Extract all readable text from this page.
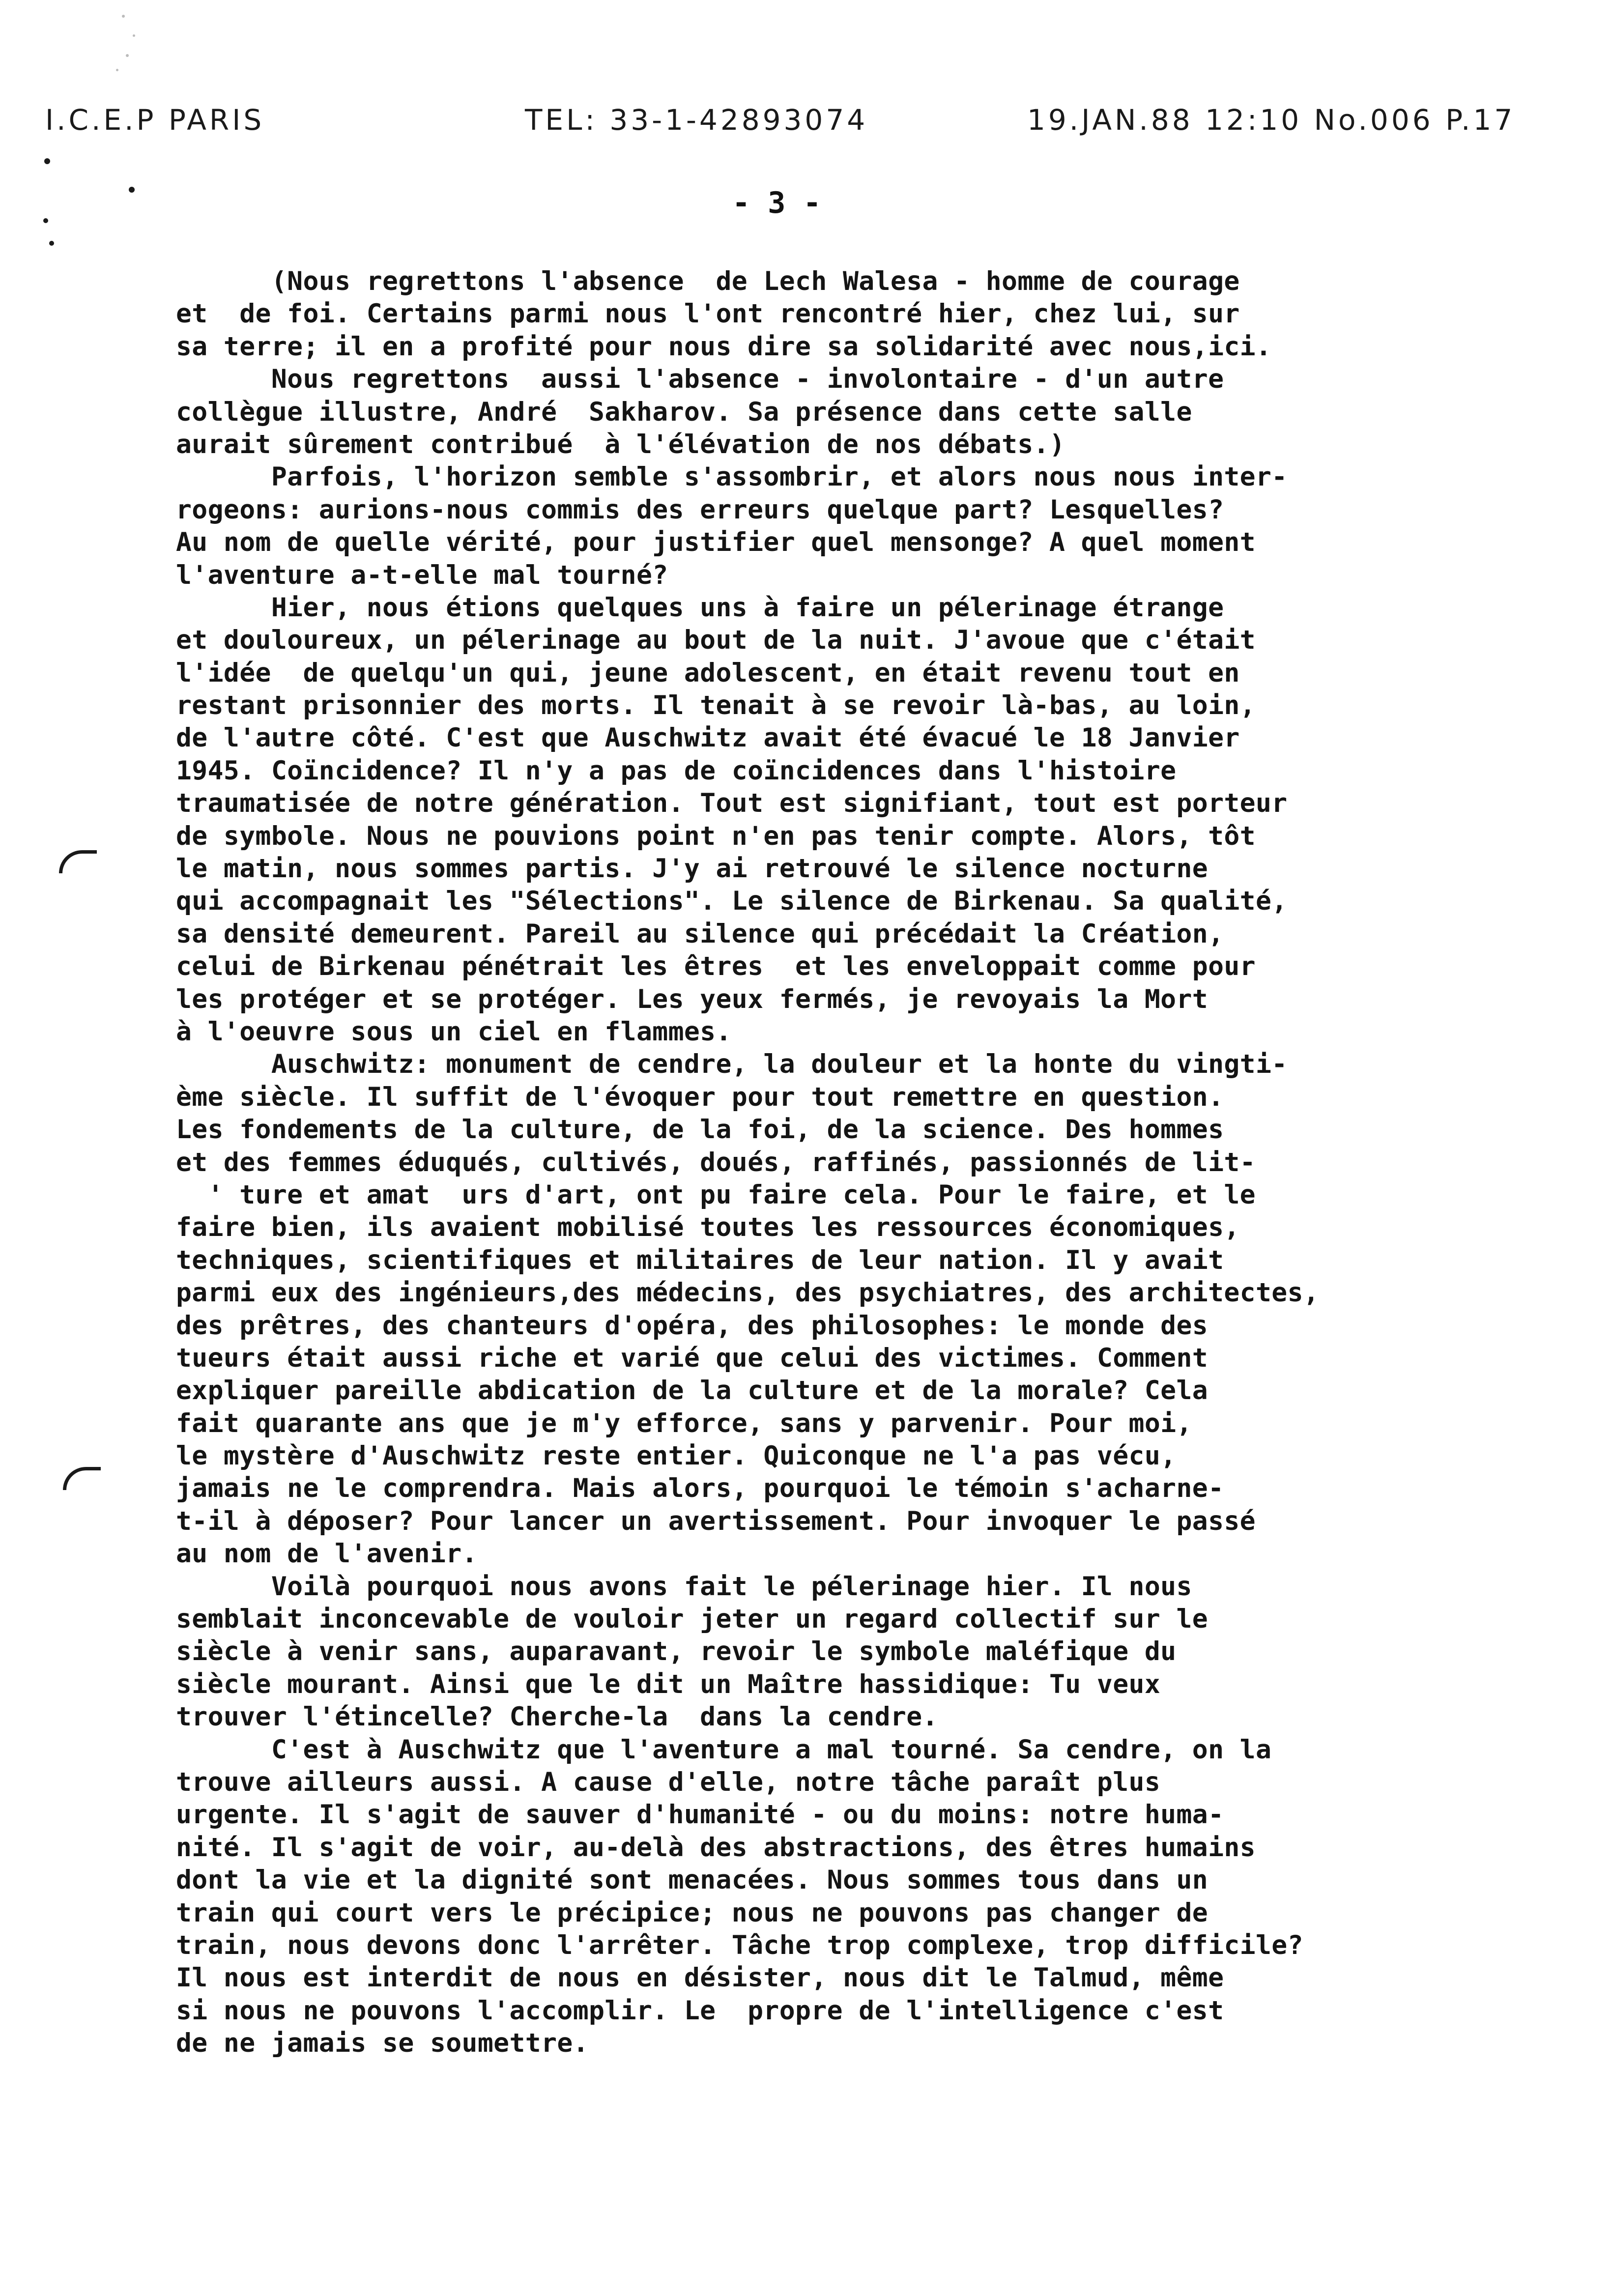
I.C.E.P PARIS	TEL: 33-1-42893074	19.JAN.88 12:10 No.006 P.17
- 3 -
(Nous regrettons l'absence  de Lech Walesa - homme de courage
et  de foi. Certains parmi nous l'ont rencontré hier, chez lui, sur
sa terre; il en a profité pour nous dire sa solidarité avec nous,ici.
Nous regrettons  aussi l'absence - involontaire - d'un autre
collègue illustre, André  Sakharov. Sa présence dans cette salle
aurait sûrement contribué  à l'élévation de nos débats.)
Parfois, l'horizon semble s'assombrir, et alors nous nous inter-
rogeons: aurions-nous commis des erreurs quelque part? Lesquelles?
Au nom de quelle vérité, pour justifier quel mensonge? A quel moment
l'aventure a-t-elle mal tourné?
Hier, nous étions quelques uns à faire un pélerinage étrange
et douloureux, un pélerinage au bout de la nuit. J'avoue que c'était
l'idée  de quelqu'un qui, jeune adolescent, en était revenu tout en
restant prisonnier des morts. Il tenait à se revoir là-bas, au loin,
de l'autre côté. C'est que Auschwitz avait été évacué le 18 Janvier
1945. Coïncidence? Il n'y a pas de coïncidences dans l'histoire
traumatisée de notre génération. Tout est signifiant, tout est porteur
de symbole. Nous ne pouvions point n'en pas tenir compte. Alors, tôt
le matin, nous sommes partis. J'y ai retrouvé le silence nocturne
qui accompagnait les "Sélections". Le silence de Birkenau. Sa qualité,
sa densité demeurent. Pareil au silence qui précédait la Création,
celui de Birkenau pénétrait les êtres  et les enveloppait comme pour
les protéger et se protéger. Les yeux fermés, je revoyais la Mort
à l'oeuvre sous un ciel en flammes.
Auschwitz: monument de cendre, la douleur et la honte du vingti-
ème siècle. Il suffit de l'évoquer pour tout remettre en question.
Les fondements de la culture, de la foi, de la science. Des hommes
et des femmes éduqués, cultivés, doués, raffinés, passionnés de lit-
' ture et amat  urs d'art, ont pu faire cela. Pour le faire, et le
faire bien, ils avaient mobilisé toutes les ressources économiques,
techniques, scientifiques et militaires de leur nation. Il y avait
parmi eux des ingénieurs,des médecins, des psychiatres, des architectes,
des prêtres, des chanteurs d'opéra, des philosophes: le monde des
tueurs était aussi riche et varié que celui des victimes. Comment
expliquer pareille abdication de la culture et de la morale? Cela
fait quarante ans que je m'y efforce, sans y parvenir. Pour moi,
le mystère d'Auschwitz reste entier. Quiconque ne l'a pas vécu,
jamais ne le comprendra. Mais alors, pourquoi le témoin s'acharne-
t-il à déposer? Pour lancer un avertissement. Pour invoquer le passé
au nom de l'avenir.
Voilà pourquoi nous avons fait le pélerinage hier. Il nous
semblait inconcevable de vouloir jeter un regard collectif sur le
siècle à venir sans, auparavant, revoir le symbole maléfique du
siècle mourant. Ainsi que le dit un Maître hassidique: Tu veux
trouver l'étincelle? Cherche-la  dans la cendre.
C'est à Auschwitz que l'aventure a mal tourné. Sa cendre, on la
trouve ailleurs aussi. A cause d'elle, notre tâche paraît plus
urgente. Il s'agit de sauver d'humanité - ou du moins: notre huma-
nité. Il s'agit de voir, au-delà des abstractions, des êtres humains
dont la vie et la dignité sont menacées. Nous sommes tous dans un
train qui court vers le précipice; nous ne pouvons pas changer de
train, nous devons donc l'arrêter. Tâche trop complexe, trop difficile?
Il nous est interdit de nous en désister, nous dit le Talmud, même
si nous ne pouvons l'accomplir. Le  propre de l'intelligence c'est
de ne jamais se soumettre.
